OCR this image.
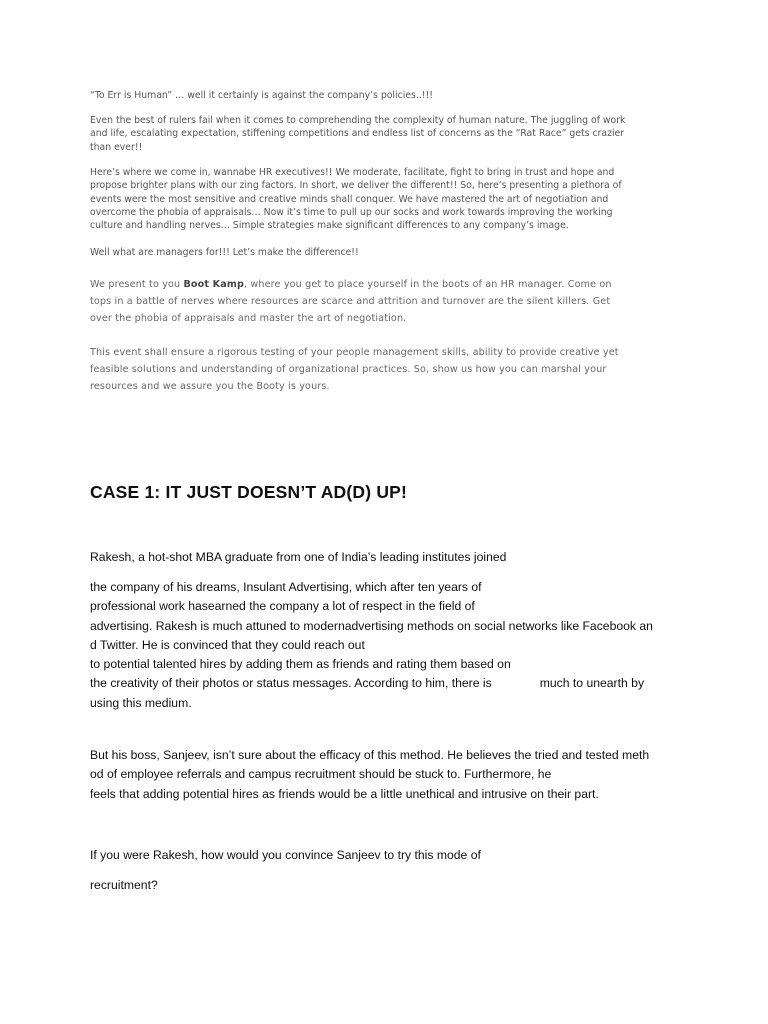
“To Err is Human” … well it certainly is against the company’s policies..!!!

Even the best of rulers fail when it comes to comprehending the complexity of human nature. The juggling of work
and life, escalating expectation, stiffening competitions and endless list of concerns as the “Rat Race” gets crazier
than ever!!

Here’s where we come in, wannabe HR executives!! We moderate, facilitate, fight to bring in trust and hope and
propose brighter plans with our zing factors. In short, we deliver the different!! So, here’s presenting a plethora of
events were the most sensitive and creative minds shall conquer. We have mastered the art of negotiation and
overcome the phobia of appraisals… Now it’s time to pull up our socks and work towards improving the working
culture and handling nerves… Simple strategies make significant differences to any company’s image.

Well what are managers for!!! Let’s make the difference!!

We present to you Boot Kamp, where you get to place yourself in the boots of an HR manager. Come on
tops in a battle of nerves where resources are scarce and attrition and turnover are the silent killers. Get
over the phobia of appraisals and master the art of negotiation.

This event shall ensure a rigorous testing of your people management skills, ability to provide creative yet
feasible solutions and understanding of organizational practices. So, show us how you can marshal your
resources and we assure you the Booty is yours.

CASE 1: IT JUST DOESN’T AD(D) UP!

Rakesh, a hot-shot MBA graduate from one of India’s leading institutes joined

the company of his dreams, Insulant Advertising, which after ten years of
professional work hasearned the company a lot of respect in the field of
advertising. Rakesh is much attuned to modernadvertising methods on social networks like Facebook an
d Twitter. He is convinced that they could reach out
to potential talented hires by adding them as friends and rating them based on
the creativity of their photos or status messages. According to him, there is	much to unearth by
using this medium.

But his boss, Sanjeev, isn’t sure about the efficacy of this method. He believes the tried and tested meth
od of employee referrals and campus recruitment should be stuck to. Furthermore, he
feels that adding potential hires as friends would be a little unethical and intrusive on their part.

If you were Rakesh, how would you convince Sanjeev to try this mode of

recruitment?
